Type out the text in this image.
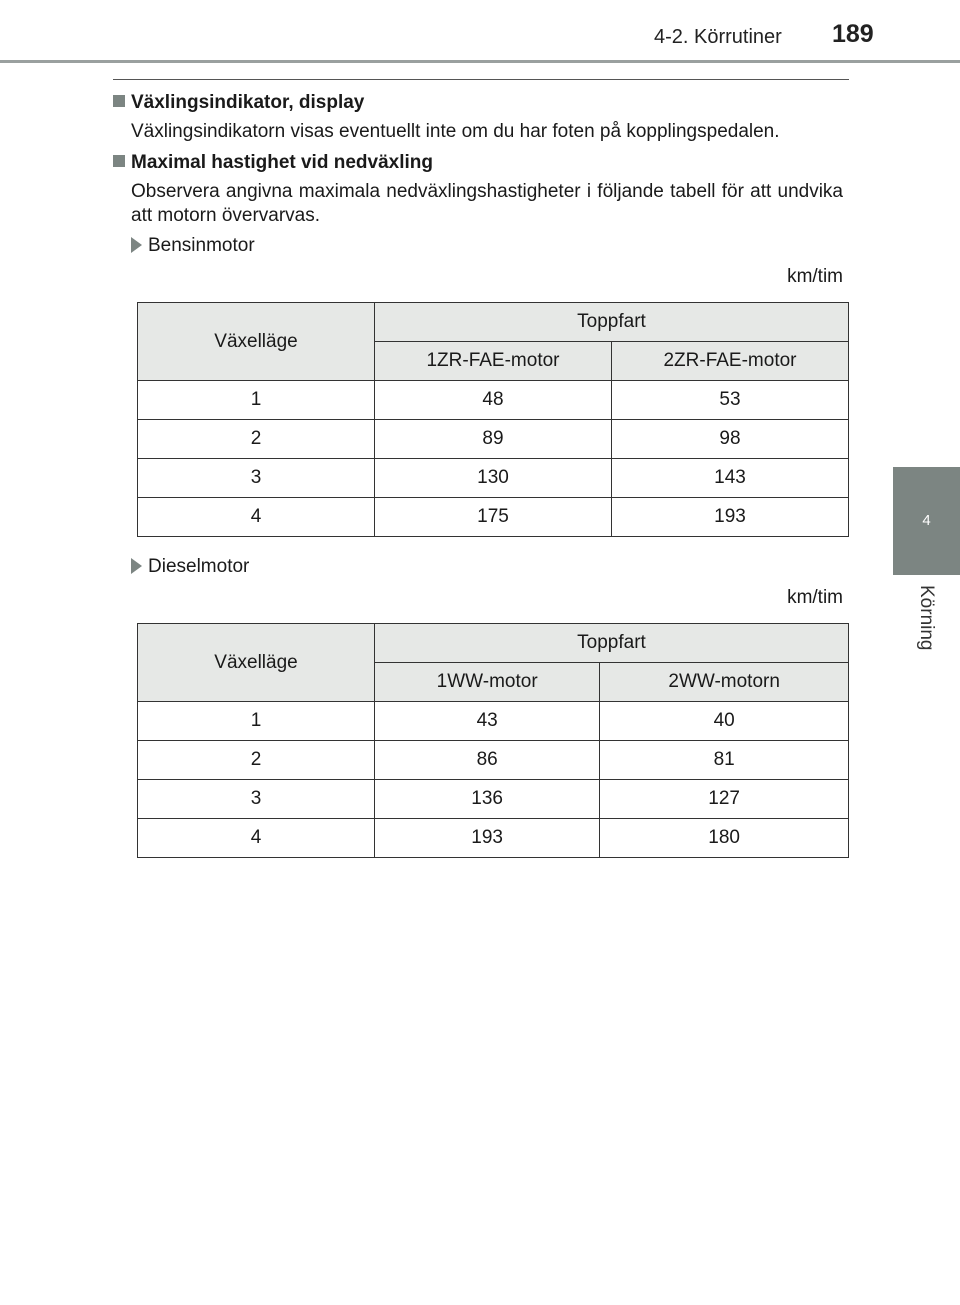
4-2. Körrutiner 189
4
Körning
Växlingsindikator, display
Växlingsindikatorn visas eventuellt inte om du har foten på kopplingspedalen.
Maximal hastighet vid nedväxling
Observera angivna maximala nedväxlingshastigheter i följande tabell för att undvika att motorn övervarvas.
Bensinmotor
km/tim
Växelläge	Toppfart	
	1ZR-FAE-motor	2ZR-FAE-motor
1	48	53
2	89	98
3	130	143
4	175	193
Dieselmotor
km/tim
Växelläge	Toppfart	
	1WW-motor	2WW-motorn
1	43	40
2	86	81
3	136	127
4	193	180
